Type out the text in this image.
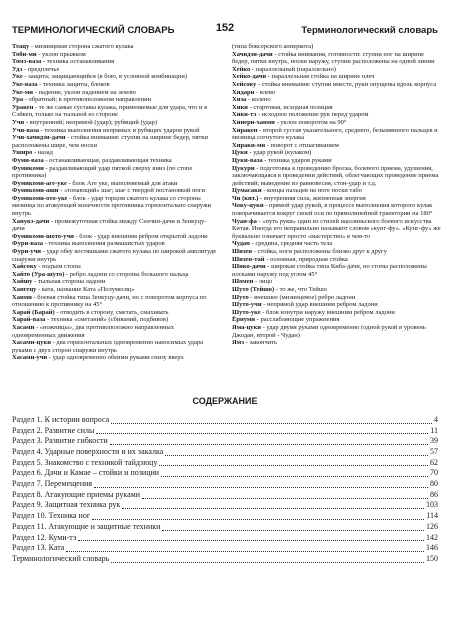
ТЕРМИНОЛОГИЧЕСКИЙ СЛОВАРЬ	152	Терминологический словарь

Теацу - мизинцевая сторона сжатого кулака

Тоби-ми - уклон прыжком

Томэ-ваза - техника останавливания

Удэ - предплечье

Уке - защита; защищающийся (в бою, в условной комбинации)

Уке-ваза - техника защиты, блоков

Уке-ми - падение, уклон падением на землю

Ура - обратный; в противоположном направлении

Уракен - те же самые суставы кулака, применяемые для удара, что и в Сэйкен, только на тыльной ео стороне

Учи - внутренний; непрямой (удар); рубящий (удар)

Учи-ваза - техника выполнения непрямых и рубящих ударов рукой

Учи-хачидзи-дачи - стойка внимания: ступни на ширине бедер, пятки расположены шире, чем носки

Уширо - назад

Фуми-ваза - останавливающая, раздавливающая техника

Фумикоми - раздавливающий удар пяткой сверху вниз (по стопе противника)

Фумикоми-аге-уке - блок Аге уке, выполняемый для атаки

Фумикоми-аши - «топающий» шаг; шаг с твердой постановкой ноги

Фумикоми-ото-уке - блок - удар торцом сжатого кулака со стороны мизинца по атакующей конечности противника горизонтально снаружи внутрь

Ханукэ-дачи - промежуточная стойка между Сенчин-дачи и Зенкуцу-дачи

Фумикоми-шото-учи - блок - удар внешним ребром открытой ладони

Фури-ваза - техника выполнения размашистых ударов

Фури-учи - удар обеу костяшками сжатого кулака по широкой амплитуде снаружи внутрь

Хайсоку - подъем стопы

Хайто (Ура-шуто) - ребро ладони со стороны большого пальца

Хайшу - тыльная сторона ладони

Хангецу - ката, название Ката «Полумесяц»

Ханми - боевая стойка типа Зенкуцу-дачи, но с поворотом корпуса по отношению к противнику на 45°

Харай (Барай) - отводить в сторону, сметать, смахивать

Харай-ваза - техника «сметаний» (сбиваний, подбивов)

Хасами - «ножницы», два противоположно направленных одновременных движения

Хасами-цуки - два горизонтальных одновременно наносимых удара руками с двух сторон снаружи внутрь

Хасами-учи - удар одновременно обеими руками снизу вверх

(типа боксерского апперкота)

Хачидзи-дачи - стойка внимания, готовности: ступни ног на ширине бедер, пятки внутрь, носки наружу, ступни расположены на одной линии

Хейко - параллельный (параллельно)

Хейко-дачи - параллельная стойка на ширине плеч

Хейсоку - стойка внимания: ступни вместе, руки опущены вдоль корпуса

Хидари - влево

Хиза - колено

Хики - стартовая, исходная позиция

Хики-тэ - исходное положение рук перед ударом

Хинери-ханми - уклон поворотом на 90°

Хиракен - второй сустав указательного, среднего, безымянного пальцев и мизинца согнутого кулака

Хираки-ми - поворот с отшагиванием

Цуки - удар рукой (кулаком)

Цуки-ваза - техника ударов руками

Цукури - подготовка к проведению броска, болевого приема, удушения, заключающаяся в проведении действий, облегчающих проведение приема действий; выведение из равновесия, стон-удар и т.д.

Цумасаки - концы пальцев на ноге носки табо

Чи (кит.) - внутренняя сила, жизненная энергия

Чоку-цуки - прямой удар рукой, в процессе выполнения которого кулак поворачивается вокруг своей оси по прямолинейной траектории на 180°

Чуан-фа - «путь руки» один из стилей шаолиньского боевого искусства Китая. Иногда его неправильно называют словом «кунг-фу». «Кунг-фу» же буквально означает просто «мастерство» в чем-то

Чудан - средина, средняя часть тела

Шизен - стойка, ноги расположены близко друг к другу

Шизен-тай - основная, природная стойка

Шико-дачи - широкая стойка типа Киба-дачи, но стопы расположены носками наружу под углом 45°

Шомен - лицо

Шуто (Тейшо) - то же, что Тейшо

Шуто - внешнее (мизинцевое) ребро ладони

Шуто-учи - непрямой удар внешним ребром ладони

Шуто-уке - блок изнутри наружу внешним ребром ладони

Ёриуми - расслабляющие упражнения

Яма-цуки - удар двумя руками одновременно (одной рукой в уровень Джодан, второй - Чудан)

Ямэ - закончить

СОДЕРЖАНИЕ
Раздел 1. К истории вопроса	4
Раздел 2. Развитие силы	11
Раздел 3. Развитие гибкости	39
Раздел 4. Ударные поверхности и их закалка	57
Раздел 5. Знакомство с техникой тайдзюцу	62
Раздел 6. Дачи и Камае – стойки и позиции	70
Раздел 7. Перемещения	80
Раздел 8. Атакующие приемы руками	86
Раздел 9. Защитная техника рук	103
Раздел 10. Техника ног	114
Раздел 11. Атакующие и защитные техники	126
Раздел 12. Куми-тэ	142
Раздел 13. Ката	146
Терминологический словарь	150
